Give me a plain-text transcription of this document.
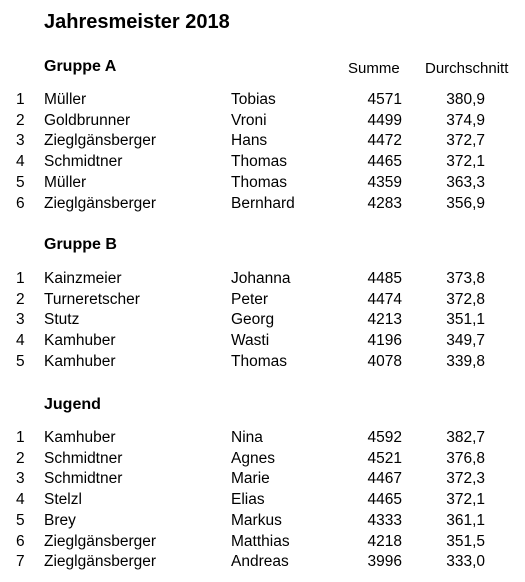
Jahresmeister 2018
Summe Durchschnitt
Gruppe A
1 Müller	Tobias	4571	380,9
2 Goldbrunner	Vroni	4499	374,9
3 Zieglgänsberger	Hans	4472	372,7
4 Schmidtner	Thomas	4465	372,1
5 Müller	Thomas	4359	363,3
6 Zieglgänsberger	Bernhard	4283	356,9
Gruppe B
1 Kainzmeier	Johanna	4485	373,8
2 Turneretscher	Peter	4474	372,8
3 Stutz	Georg	4213	351,1
4 Kamhuber	Wasti	4196	349,7
5 Kamhuber	Thomas	4078	339,8
Jugend
1 Kamhuber	Nina	4592	382,7
2 Schmidtner	Agnes	4521	376,8
3 Schmidtner	Marie	4467	372,3
4 Stelzl	Elias	4465	372,1
5 Brey	Markus	4333	361,1
6 Zieglgänsberger	Matthias	4218	351,5
7 Zieglgänsberger	Andreas	3996	333,0
